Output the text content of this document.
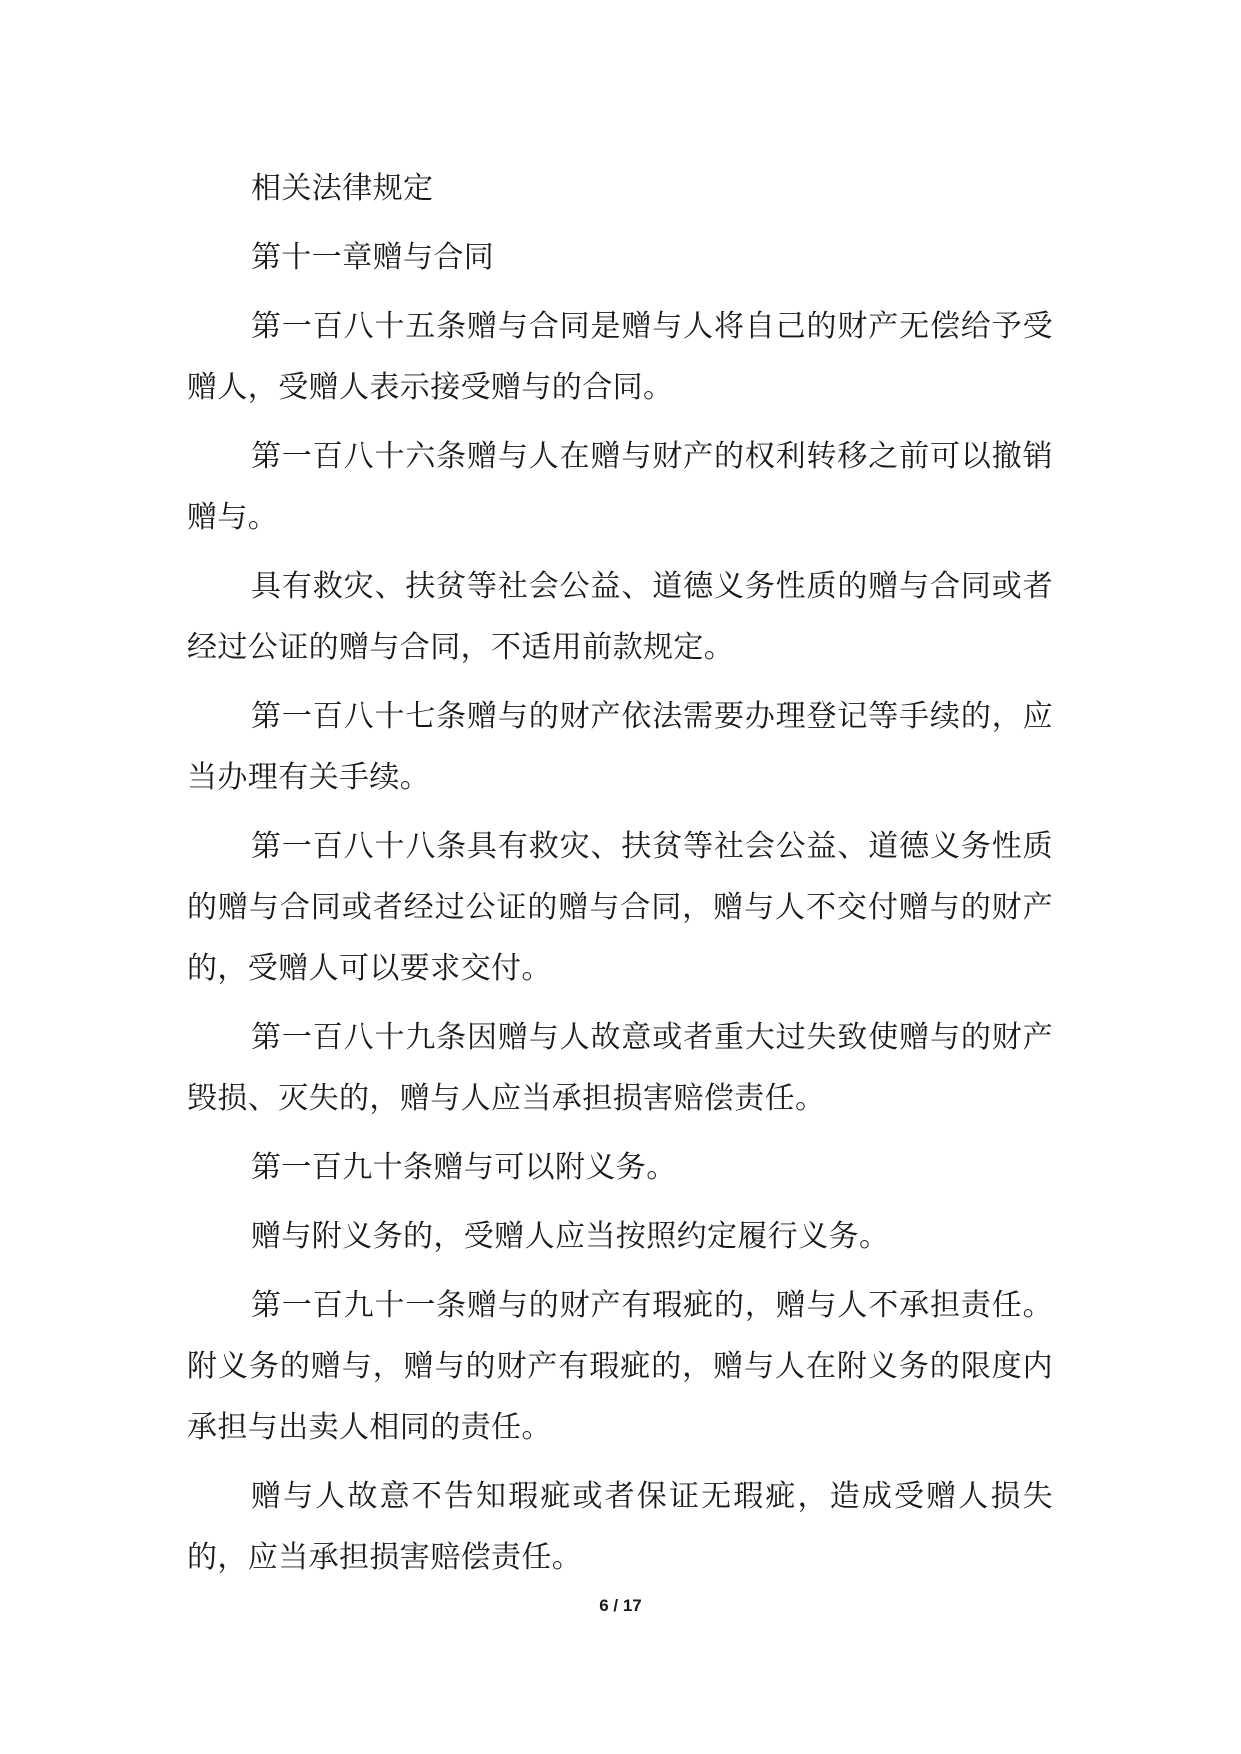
相关法律规定

第十一章赠与合同

第一百八十五条赠与合同是赠与人将自己的财产无偿给予受赠人，受赠人表示接受赠与的合同。

第一百八十六条赠与人在赠与财产的权利转移之前可以撤销赠与。

具有救灾、扶贫等社会公益、道德义务性质的赠与合同或者经过公证的赠与合同，不适用前款规定。

第一百八十七条赠与的财产依法需要办理登记等手续的，应当办理有关手续。

第一百八十八条具有救灾、扶贫等社会公益、道德义务性质的赠与合同或者经过公证的赠与合同，赠与人不交付赠与的财产的，受赠人可以要求交付。

第一百八十九条因赠与人故意或者重大过失致使赠与的财产毁损、灭失的，赠与人应当承担损害赔偿责任。

第一百九十条赠与可以附义务。

赠与附义务的，受赠人应当按照约定履行义务。

第一百九十一条赠与的财产有瑕疵的，赠与人不承担责任。附义务的赠与，赠与的财产有瑕疵的，赠与人在附义务的限度内承担与出卖人相同的责任。

赠与人故意不告知瑕疵或者保证无瑕疵，造成受赠人损失的，应当承担损害赔偿责任。

6 / 17
